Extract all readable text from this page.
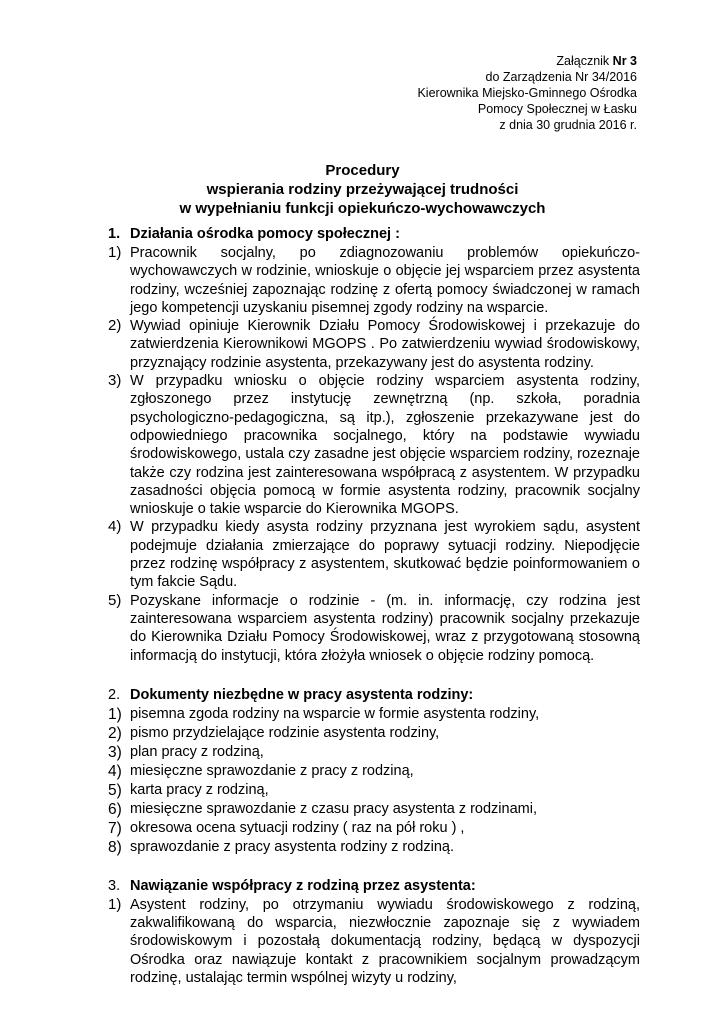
Załącznik Nr 3
do Zarządzenia Nr 34/2016
Kierownika Miejsko-Gminnego Ośrodka
Pomocy Społecznej w Łasku
z dnia 30 grudnia 2016 r.
Procedury
wspierania rodziny przeżywającej trudności
w wypełnianiu funkcji opiekuńczo-wychowawczych
1. Działania ośrodka pomocy społecznej :
1) Pracownik socjalny, po zdiagnozowaniu problemów opiekuńczo-wychowawczych w rodzinie, wnioskuje o objęcie jej wsparciem przez asystenta rodziny, wcześniej zapoznając rodzinę z ofertą pomocy świadczonej w ramach jego kompetencji uzyskaniu pisemnej zgody rodziny na wsparcie.
2) Wywiad opiniuje Kierownik Działu Pomocy Środowiskowej i przekazuje do zatwierdzenia Kierownikowi MGOPS . Po zatwierdzeniu wywiad środowiskowy, przyznający rodzinie asystenta, przekazywany jest do asystenta rodziny.
3) W przypadku wniosku o objęcie rodziny wsparciem asystenta rodziny, zgłoszonego przez instytucję zewnętrzną (np. szkoła, poradnia psychologiczno-pedagogiczna, są itp.), zgłoszenie przekazywane jest do odpowiedniego pracownika socjalnego, który na podstawie wywiadu środowiskowego, ustala czy zasadne jest objęcie wsparciem rodziny, rozeznaje także czy rodzina jest zainteresowana współpracą z asystentem. W przypadku zasadności objęcia pomocą w formie asystenta rodziny, pracownik socjalny wnioskuje o takie wsparcie do Kierownika MGOPS.
4) W przypadku kiedy asysta rodziny przyznana jest wyrokiem sądu, asystent podejmuje działania zmierzające do poprawy sytuacji rodziny. Niepodjęcie przez rodzinę współpracy z asystentem, skutkować będzie poinformowaniem o tym fakcie Sądu.
5) Pozyskane informacje o rodzinie - (m. in. informację, czy rodzina jest zainteresowana wsparciem asystenta rodziny) pracownik socjalny przekazuje do Kierownika Działu Pomocy Środowiskowej, wraz z przygotowaną stosowną informacją do instytucji, która złożyła wniosek o objęcie rodziny pomocą.
2. Dokumenty niezbędne w pracy asystenta rodziny:
1) pisemna zgoda rodziny na wsparcie w formie asystenta rodziny,
2) pismo przydzielające rodzinie asystenta rodziny,
3) plan pracy z rodziną,
4) miesięczne sprawozdanie z pracy z rodziną,
5) karta pracy z rodziną,
6) miesięczne sprawozdanie z czasu pracy asystenta z rodzinami,
7) okresowa ocena sytuacji rodziny ( raz na pół roku ) ,
8) sprawozdanie z pracy asystenta rodziny z rodziną.
3. Nawiązanie współpracy z rodziną przez asystenta:
1) Asystent rodziny, po otrzymaniu wywiadu środowiskowego z rodziną, zakwalifikowaną do wsparcia, niezwłocznie zapoznaje się z wywiadem środowiskowym i pozostałą dokumentacją rodziny, będącą w dyspozycji Ośrodka oraz nawiązuje kontakt z pracownikiem socjalnym prowadzącym rodzinę, ustalając termin wspólnej wizyty u rodziny,
